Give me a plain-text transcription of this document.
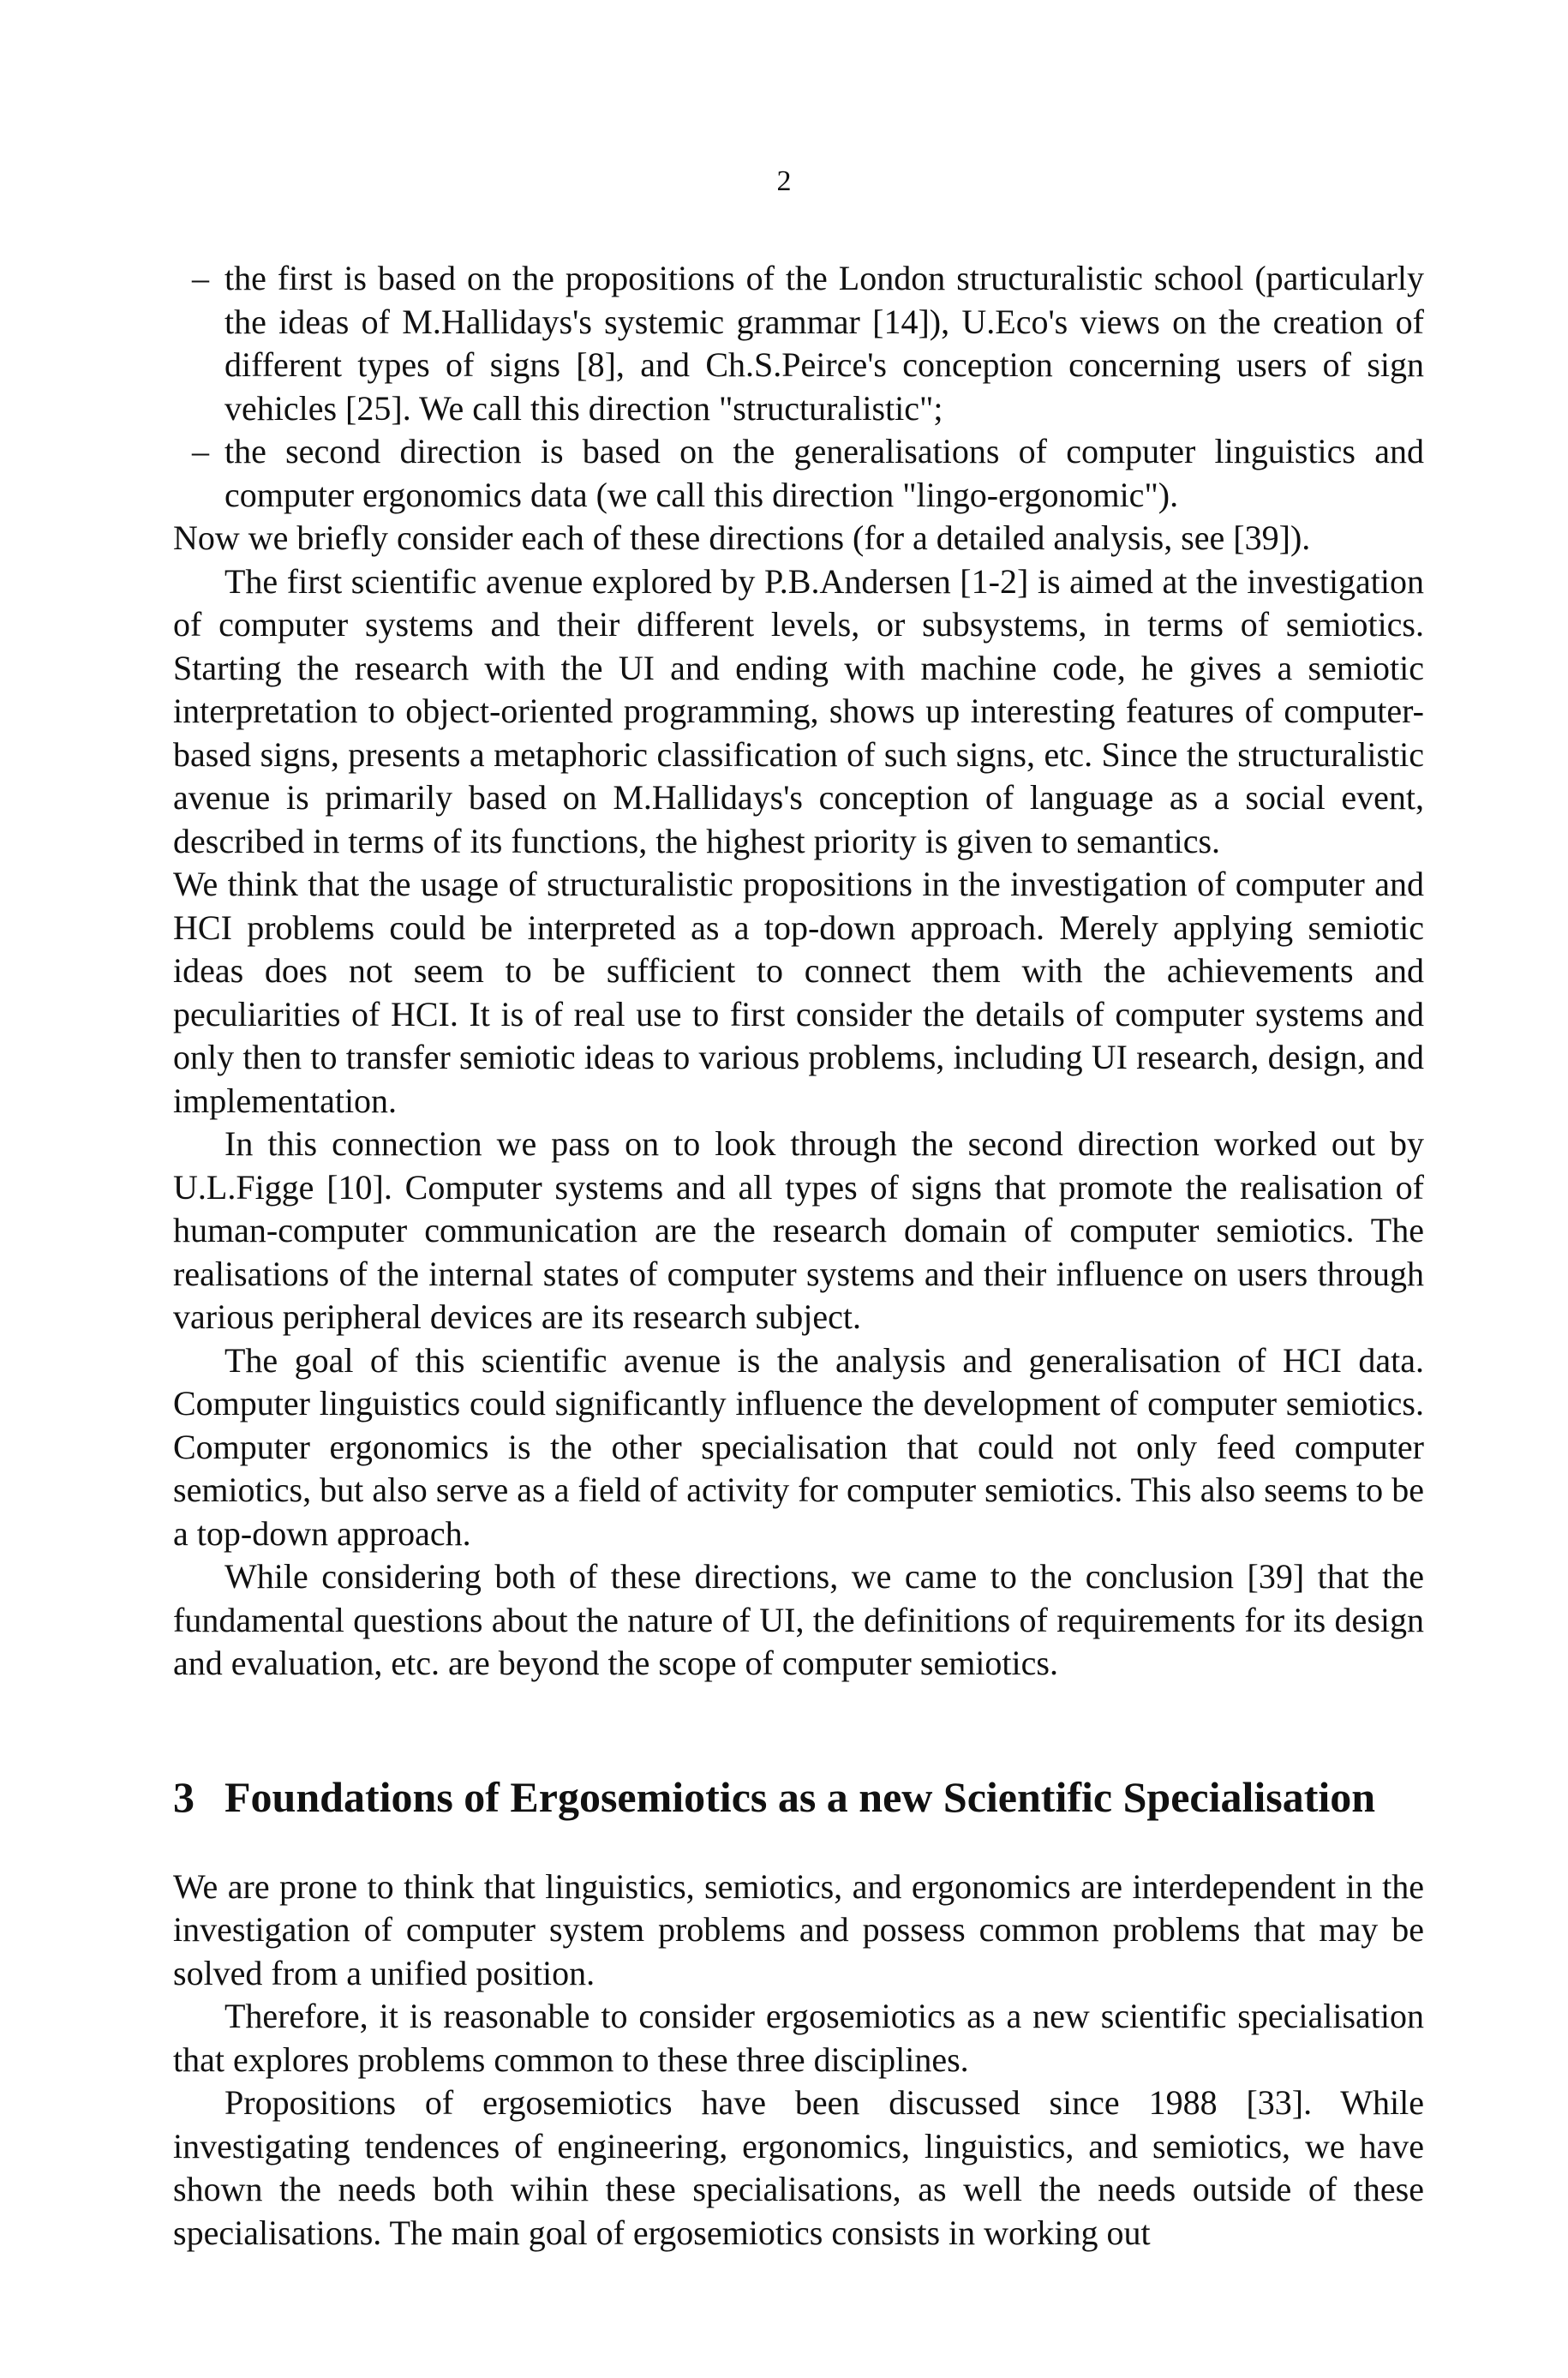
2
– the first is based on the propositions of the London structuralistic school (particularly the ideas of M.Hallidays's systemic grammar [14]), U.Eco's views on the creation of different types of signs [8], and Ch.S.Peirce's conception concerning users of sign vehicles [25]. We call this direction "structuralistic";
– the second direction is based on the generalisations of computer linguistics and computer ergonomics data (we call this direction "lingo-ergonomic").

Now we briefly consider each of these directions (for a detailed analysis, see [39]).

The first scientific avenue explored by P.B.Andersen [1-2] is aimed at the investigation of computer systems and their different levels, or subsystems, in terms of semiotics. Starting the research with the UI and ending with machine code, he gives a semiotic interpretation to object-oriented programming, shows up interesting features of computer-based signs, presents a metaphoric classification of such signs, etc. Since the structuralistic avenue is primarily based on M.Hallidays's conception of language as a social event, described in terms of its functions, the highest priority is given to semantics.

We think that the usage of structuralistic propositions in the investigation of computer and HCI problems could be interpreted as a top-down approach. Merely applying semiotic ideas does not seem to be sufficient to connect them with the achievements and peculiarities of HCI. It is of real use to first consider the details of computer systems and only then to transfer semiotic ideas to various problems, including UI research, design, and implementation.

In this connection we pass on to look through the second direction worked out by U.L.Figge [10]. Computer systems and all types of signs that promote the realisation of human-computer communication are the research domain of computer semiotics. The realisations of the internal states of computer systems and their influence on users through various peripheral devices are its research subject.

The goal of this scientific avenue is the analysis and generalisation of HCI data. Computer linguistics could significantly influence the development of computer semiotics. Computer ergonomics is the other specialisation that could not only feed computer semiotics, but also serve as a field of activity for computer semiotics. This also seems to be a top-down approach.

While considering both of these directions, we came to the conclusion [39] that the fundamental questions about the nature of UI, the definitions of requirements for its design and evaluation, etc. are beyond the scope of computer semiotics.

3 Foundations of Ergosemiotics as a new Scientific Specialisation

We are prone to think that linguistics, semiotics, and ergonomics are interdependent in the investigation of computer system problems and possess common problems that may be solved from a unified position.

Therefore, it is reasonable to consider ergosemiotics as a new scientific specialisation that explores problems common to these three disciplines.

Propositions of ergosemiotics have been discussed since 1988 [33]. While investigating tendences of engineering, ergonomics, linguistics, and semiotics, we have shown the needs both wihin these specialisations, as well the needs outside of these specialisations. The main goal of ergosemiotics consists in working out
